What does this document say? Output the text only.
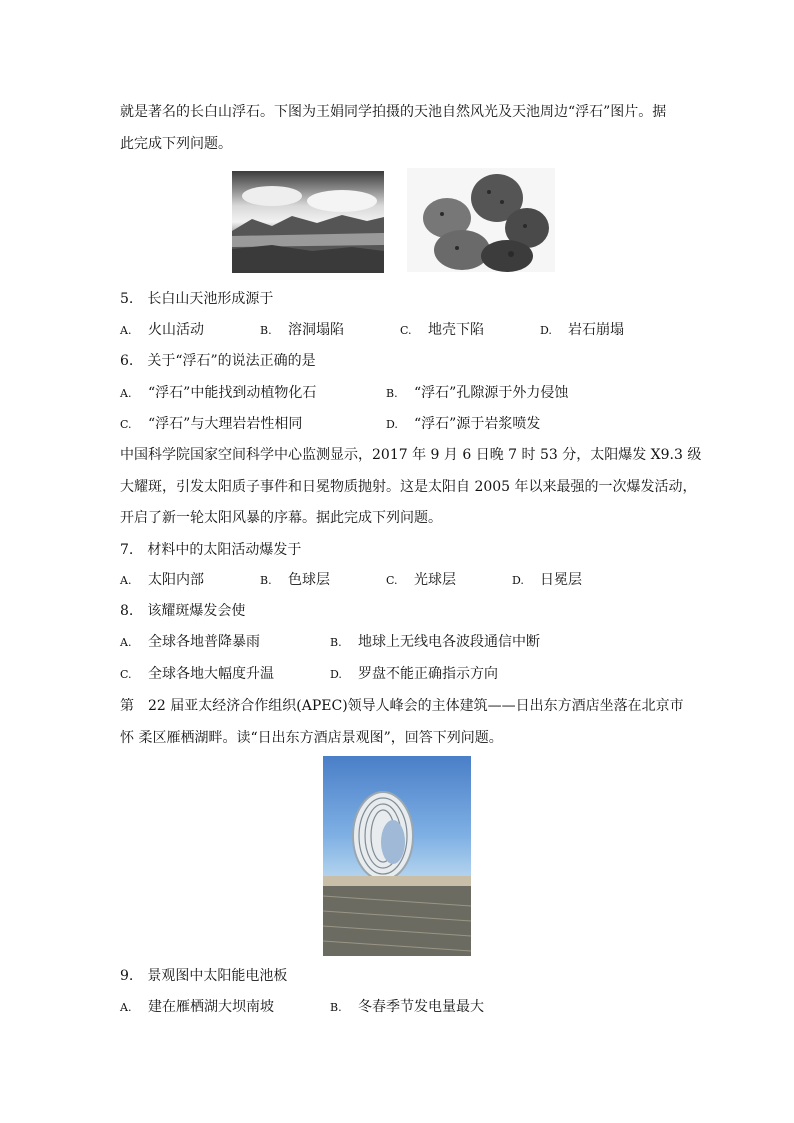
就是著名的长白山浮石。下图为王娟同学拍摄的天池自然风光及天池周边“浮石”图片。据
此完成下列问题。
5.　长白山天池形成源于
A. 火山活动	B. 溶洞塌陷	C. 地壳下陷	D. 岩石崩塌
6.　关于“浮石”的说法正确的是
A. “浮石”中能找到动植物化石	B. “浮石”孔隙源于外力侵蚀
C. “浮石”与大理岩岩性相同	D. “浮石”源于岩浆喷发
中国科学院国家空间科学中心监测显示，2017 年 9 月 6 日晚 7 时 53 分，太阳爆发 X9.3 级
大耀斑，引发太阳质子事件和日冕物质抛射。这是太阳自 2005 年以来最强的一次爆发活动，
开启了新一轮太阳风暴的序幕。据此完成下列问题。
7.　材料中的太阳活动爆发于
A. 太阳内部	B. 色球层	C. 光球层	D. 日冕层
8.　该耀斑爆发会使
A. 全球各地普降暴雨	B. 地球上无线电各波段通信中断
C. 全球各地大幅度升温	D. 罗盘不能正确指示方向
第　22 届亚太经济合作组织(APEC)领导人峰会的主体建筑——日出东方酒店坐落在北京市
怀 柔区雁栖湖畔。读“日出东方酒店景观图”，回答下列问题。
9.　景观图中太阳能电池板
A. 建在雁栖湖大坝南坡	B. 冬春季节发电量最大
